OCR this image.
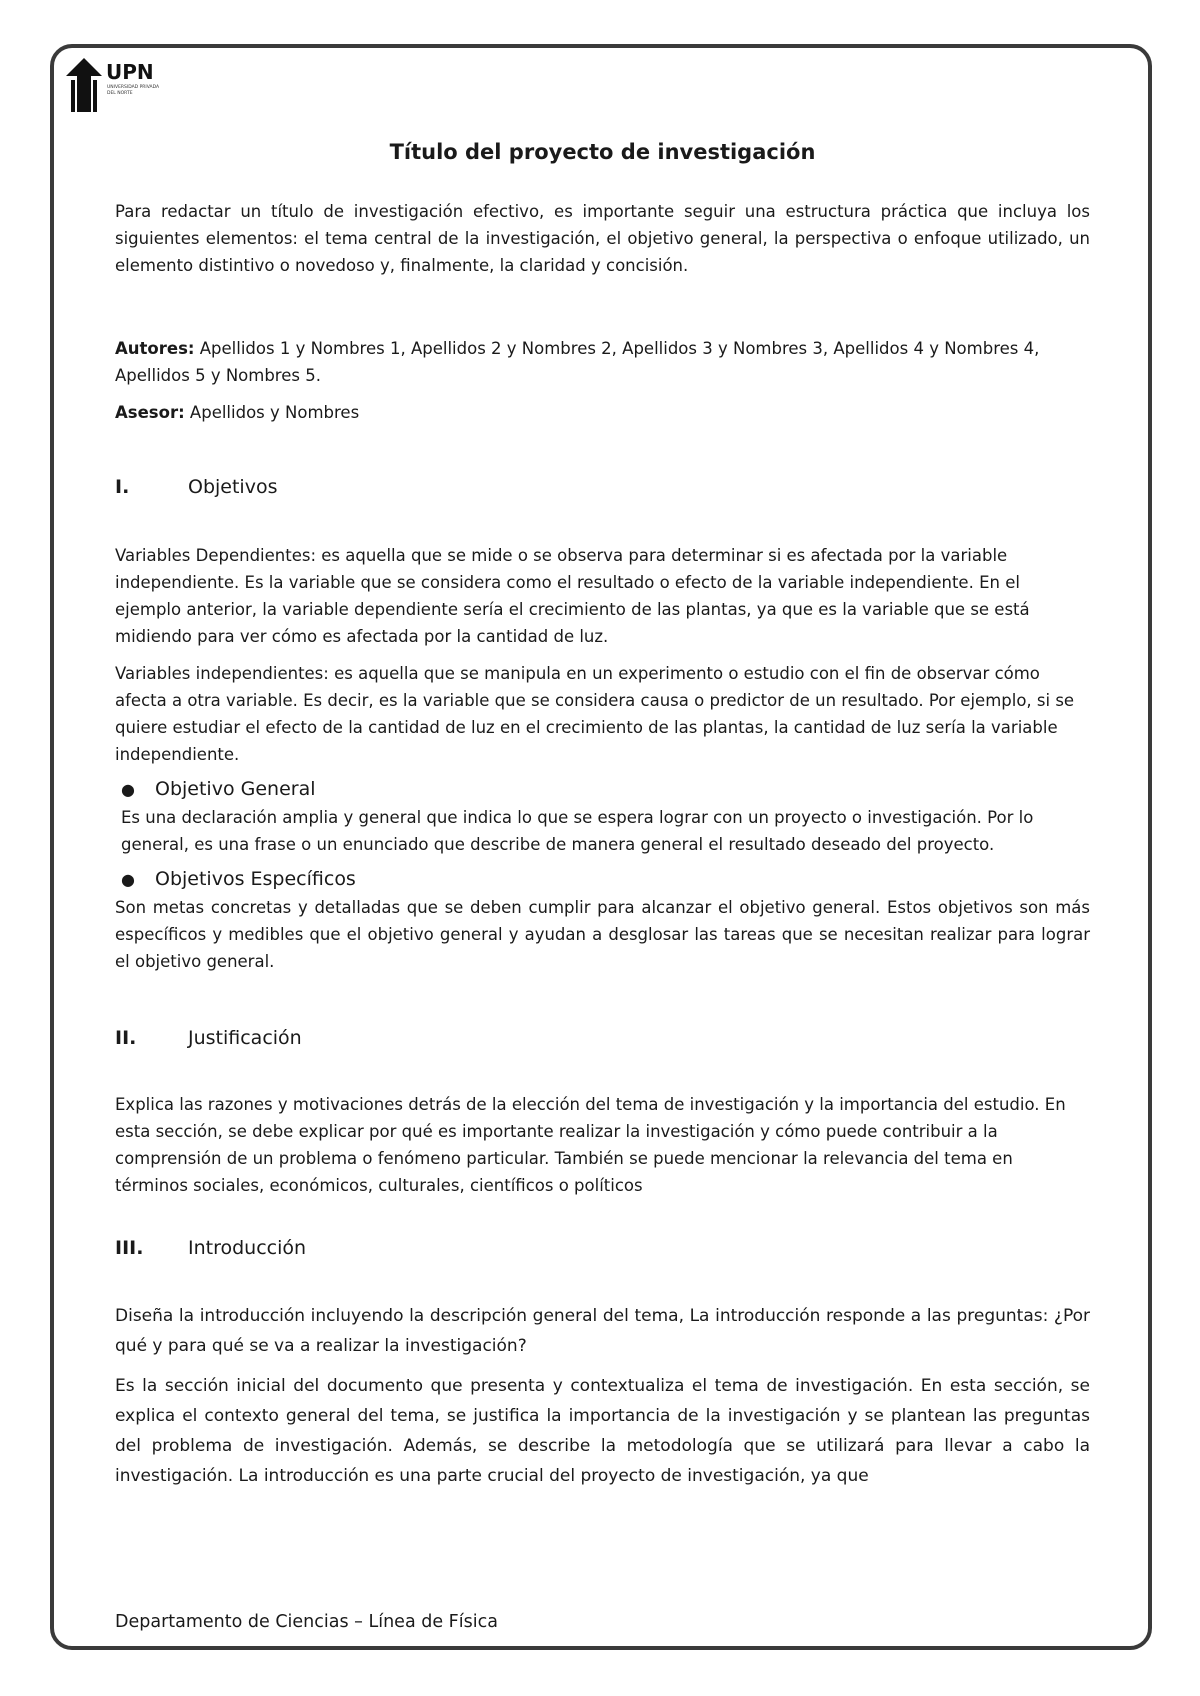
UPN
UNIVERSIDAD PRIVADA DEL NORTE
Título del proyecto de investigación

Para redactar un título de investigación efectivo, es importante seguir una estructura práctica que incluya los siguientes elementos: el tema central de la investigación, el objetivo general, la perspectiva o enfoque utilizado, un elemento distintivo o novedoso y, finalmente, la claridad y concisión.

Autores: Apellidos 1 y Nombres 1, Apellidos 2 y Nombres 2, Apellidos 3 y Nombres 3, Apellidos 4 y Nombres 4, Apellidos 5 y Nombres 5.

Asesor: Apellidos y Nombres

I.	Objetivos

Variables Dependientes: es aquella que se mide o se observa para determinar si es afectada por la variable independiente. Es la variable que se considera como el resultado o efecto de la variable independiente. En el ejemplo anterior, la variable dependiente sería el crecimiento de las plantas, ya que es la variable que se está midiendo para ver cómo es afectada por la cantidad de luz.

Variables independientes: es aquella que se manipula en un experimento o estudio con el fin de observar cómo afecta a otra variable. Es decir, es la variable que se considera causa o predictor de un resultado. Por ejemplo, si se quiere estudiar el efecto de la cantidad de luz en el crecimiento de las plantas, la cantidad de luz sería la variable independiente.

●	Objetivo General

Es una declaración amplia y general que indica lo que se espera lograr con un proyecto o investigación. Por lo general, es una frase o un enunciado que describe de manera general el resultado deseado del proyecto.

●	Objetivos Específicos

Son metas concretas y detalladas que se deben cumplir para alcanzar el objetivo general. Estos objetivos son más específicos y medibles que el objetivo general y ayudan a desglosar las tareas que se necesitan realizar para lograr el objetivo general.

II.	Justificación

Explica las razones y motivaciones detrás de la elección del tema de investigación y la importancia del estudio. En esta sección, se debe explicar por qué es importante realizar la investigación y cómo puede contribuir a la comprensión de un problema o fenómeno particular. También se puede mencionar la relevancia del tema en términos sociales, económicos, culturales, científicos o políticos

III.	Introducción

Diseña la introducción incluyendo la descripción general del tema, La introducción responde a las preguntas: ¿Por qué y para qué se va a realizar la investigación?

Es la sección inicial del documento que presenta y contextualiza el tema de investigación. En esta sección, se explica el contexto general del tema, se justifica la importancia de la investigación y se plantean las preguntas del problema de investigación. Además, se describe la metodología que se utilizará para llevar a cabo la investigación. La introducción es una parte crucial del proyecto de investigación, ya que

Departamento de Ciencias – Línea de Física
